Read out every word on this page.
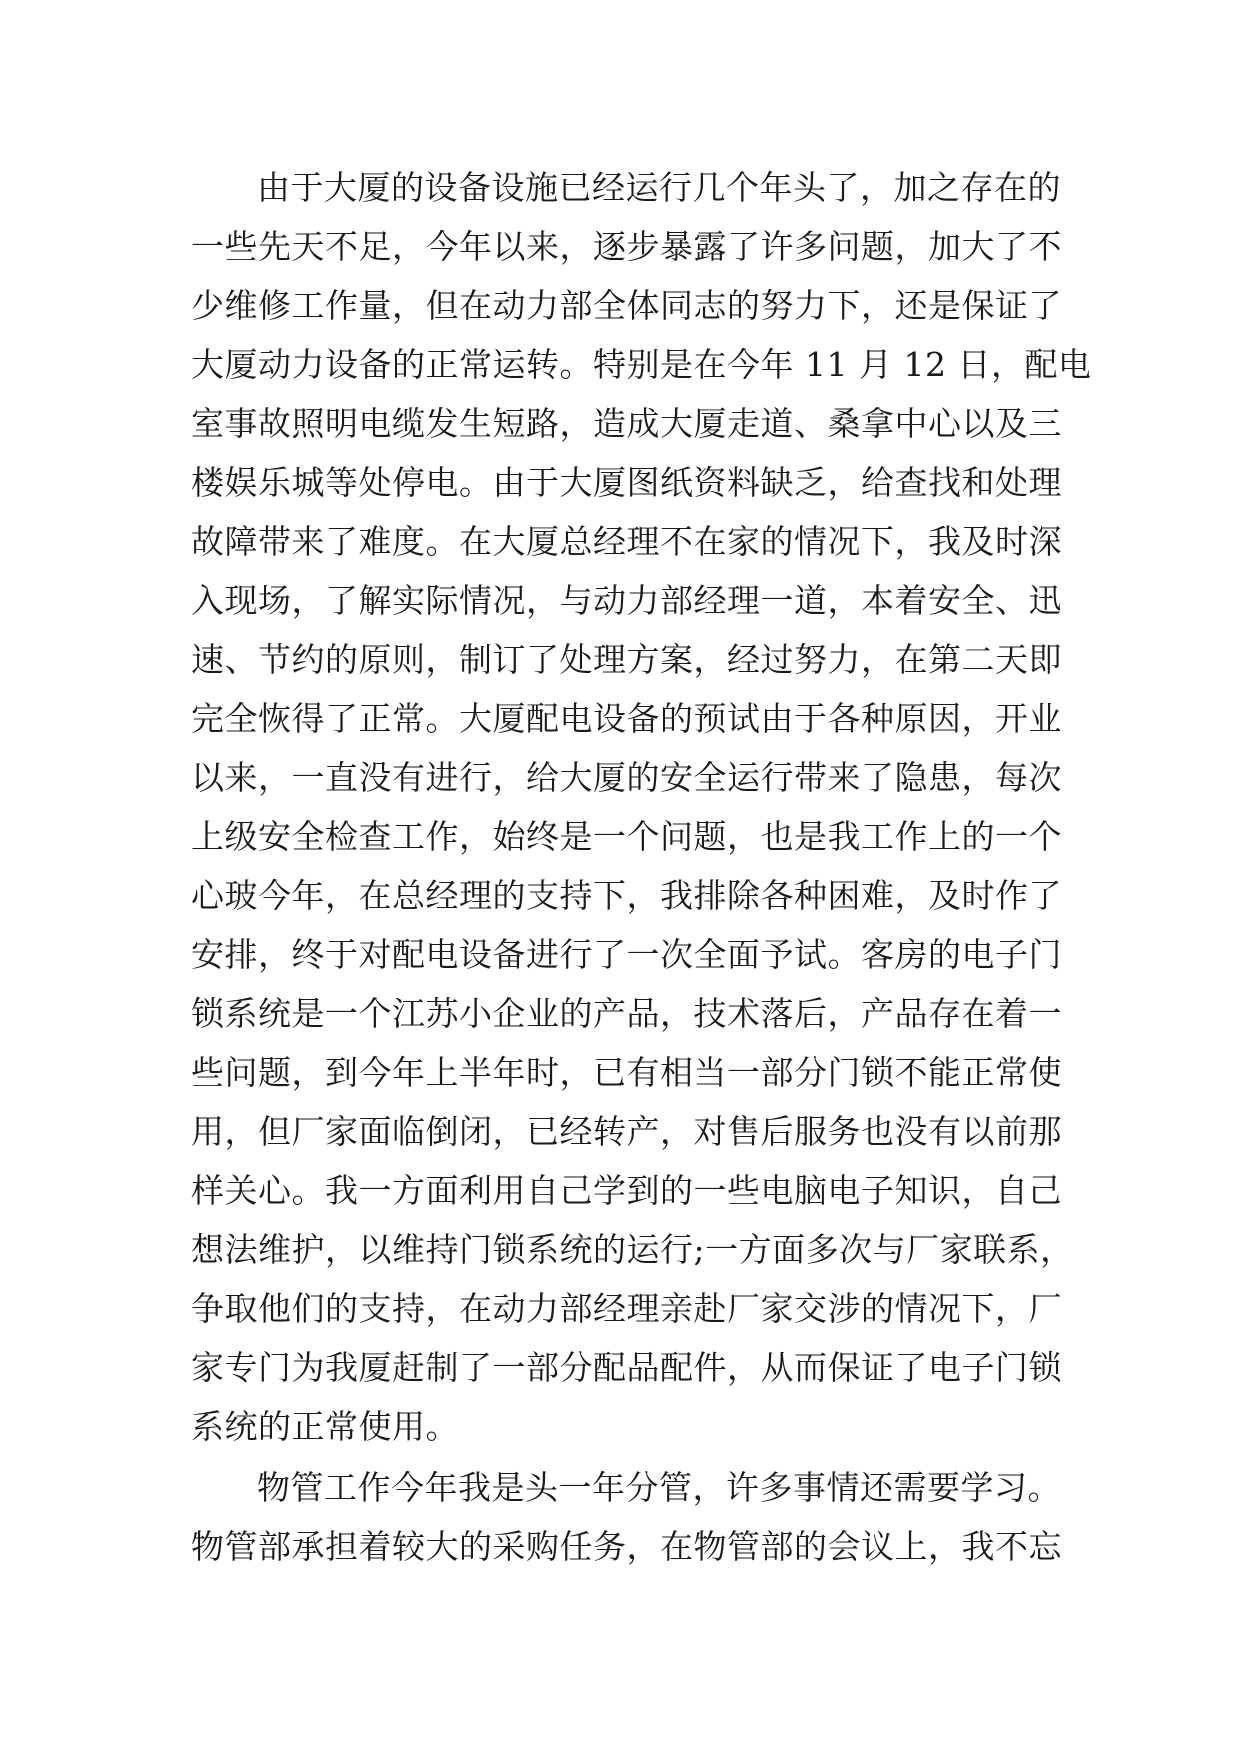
由于大厦的设备设施已经运行几个年头了，加之存在的
一些先天不足，今年以来，逐步暴露了许多问题，加大了不
少维修工作量，但在动力部全体同志的努力下，还是保证了
大厦动力设备的正常运转。特别是在今年 11 月 12 日，配电
室事故照明电缆发生短路，造成大厦走道、桑拿中心以及三
楼娱乐城等处停电。由于大厦图纸资料缺乏，给查找和处理
故障带来了难度。在大厦总经理不在家的情况下，我及时深
入现场，了解实际情况，与动力部经理一道，本着安全、迅
速、节约的原则，制订了处理方案，经过努力，在第二天即
完全恢得了正常。大厦配电设备的预试由于各种原因，开业
以来，一直没有进行，给大厦的安全运行带来了隐患，每次
上级安全检查工作，始终是一个问题，也是我工作上的一个
心玻今年，在总经理的支持下，我排除各种困难，及时作了
安排，终于对配电设备进行了一次全面予试。客房的电子门
锁系统是一个江苏小企业的产品，技术落后，产品存在着一
些问题，到今年上半年时，已有相当一部分门锁不能正常使
用，但厂家面临倒闭，已经转产，对售后服务也没有以前那
样关心。我一方面利用自己学到的一些电脑电子知识，自己
想法维护，以维持门锁系统的运行;一方面多次与厂家联系，
争取他们的支持，在动力部经理亲赴厂家交涉的情况下，厂
家专门为我厦赶制了一部分配品配件，从而保证了电子门锁
系统的正常使用。
物管工作今年我是头一年分管，许多事情还需要学习。
物管部承担着较大的采购任务，在物管部的会议上，我不忘
